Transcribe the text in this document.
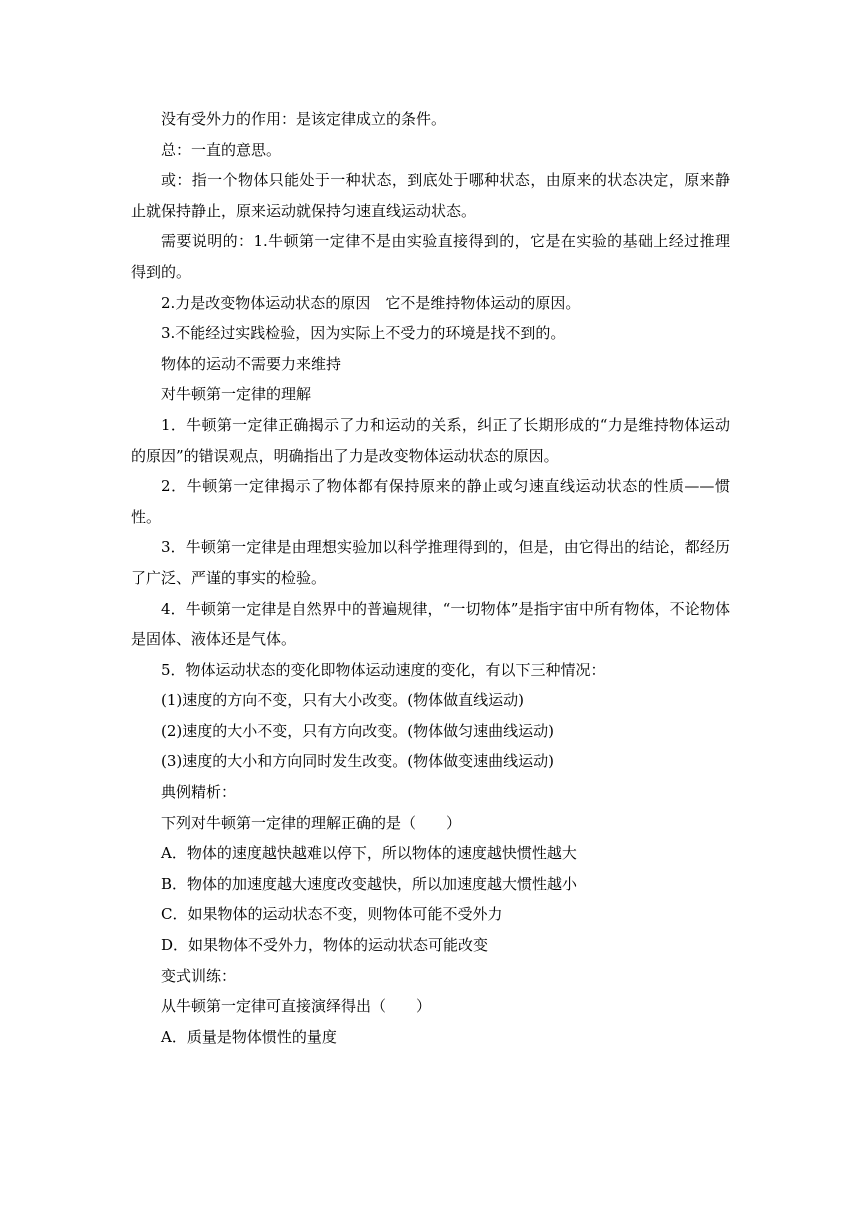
没有受外力的作用：是该定律成立的条件。

总：一直的意思。

或：指一个物体只能处于一种状态，到底处于哪种状态，由原来的状态决定，原来静止就保持静止，原来运动就保持匀速直线运动状态。

需要说明的：1.牛顿第一定律不是由实验直接得到的，它是在实验的基础上经过推理得到的。

2.力是改变物体运动状态的原因　它不是维持物体运动的原因。

3.不能经过实践检验，因为实际上不受力的环境是找不到的。

物体的运动不需要力来维持

对牛顿第一定律的理解

1．牛顿第一定律正确揭示了力和运动的关系，纠正了长期形成的“力是维持物体运动的原因”的错误观点，明确指出了力是改变物体运动状态的原因。

2．牛顿第一定律揭示了物体都有保持原来的静止或匀速直线运动状态的性质——惯性。

3．牛顿第一定律是由理想实验加以科学推理得到的，但是，由它得出的结论，都经历了广泛、严谨的事实的检验。

4．牛顿第一定律是自然界中的普遍规律，“一切物体”是指宇宙中所有物体，不论物体是固体、液体还是气体。

5．物体运动状态的变化即物体运动速度的变化，有以下三种情况：

(1)速度的方向不变，只有大小改变。(物体做直线运动)

(2)速度的大小不变，只有方向改变。(物体做匀速曲线运动)

(3)速度的大小和方向同时发生改变。(物体做变速曲线运动)

典例精析：

下列对牛顿第一定律的理解正确的是（　　）

A．物体的速度越快越难以停下，所以物体的速度越快惯性越大

B．物体的加速度越大速度改变越快，所以加速度越大惯性越小

C．如果物体的运动状态不变，则物体可能不受外力

D．如果物体不受外力，物体的运动状态可能改变

变式训练：

从牛顿第一定律可直接演绎得出（　　）

A．质量是物体惯性的量度
